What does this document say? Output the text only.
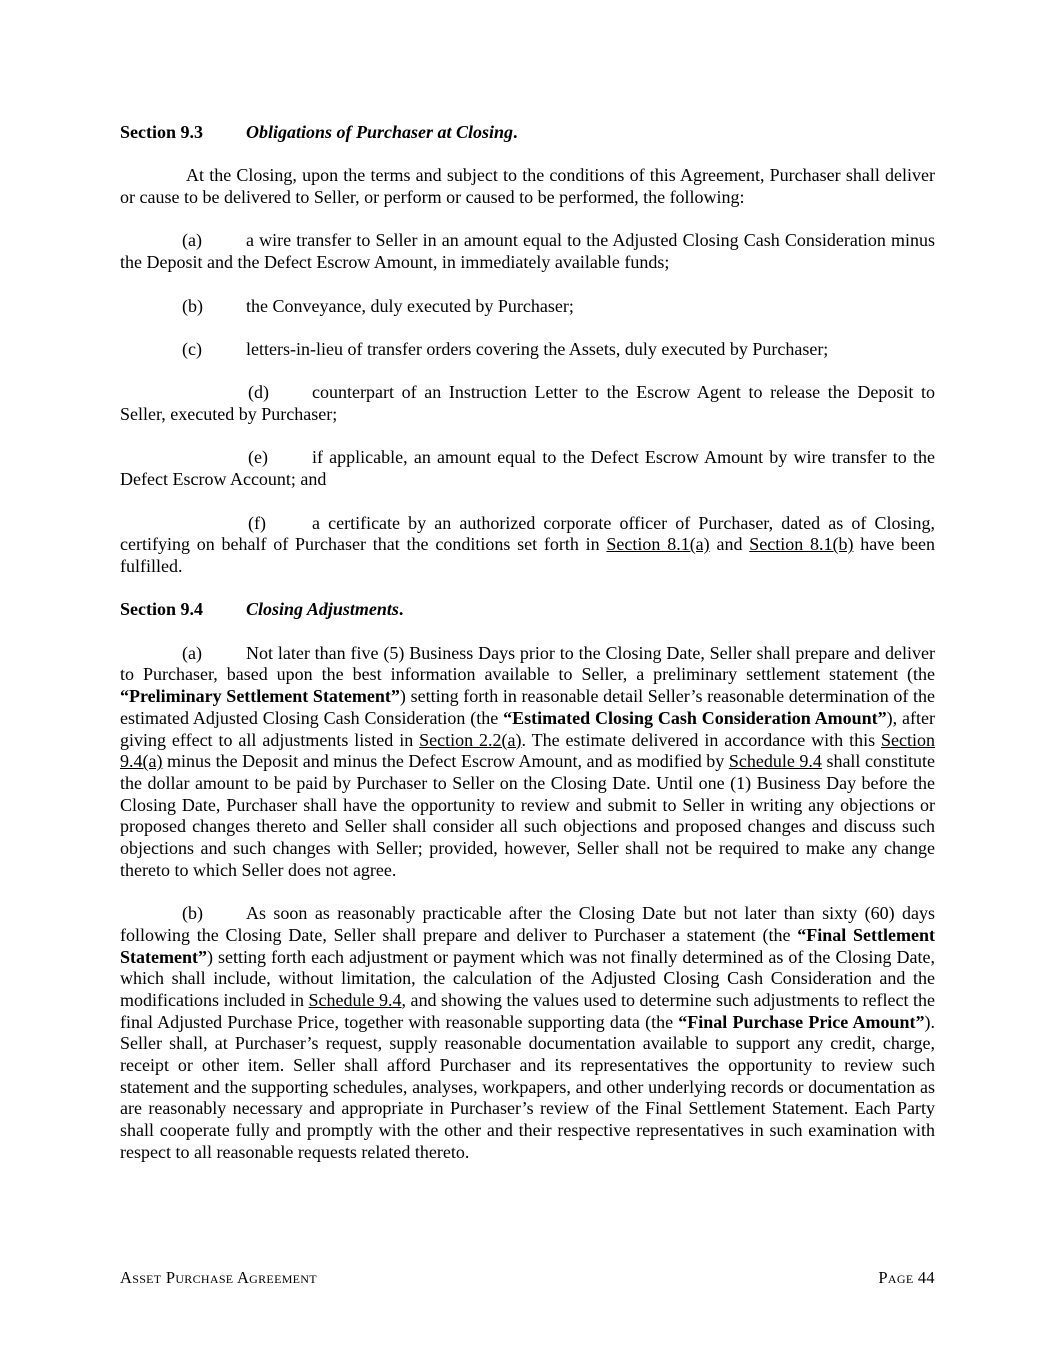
Section 9.3 Obligations of Purchaser at Closing.

At the Closing, upon the terms and subject to the conditions of this Agreement, Purchaser shall deliver or cause to be delivered to Seller, or perform or caused to be performed, the following:

(a) a wire transfer to Seller in an amount equal to the Adjusted Closing Cash Consideration minus the Deposit and the Defect Escrow Amount, in immediately available funds;

(b) the Conveyance, duly executed by Purchaser;

(c) letters-in-lieu of transfer orders covering the Assets, duly executed by Purchaser;

(d) counterpart of an Instruction Letter to the Escrow Agent to release the Deposit to Seller, executed by Purchaser;

(e) if applicable, an amount equal to the Defect Escrow Amount by wire transfer to the Defect Escrow Account; and

(f)	a certificate by an authorized corporate officer of Purchaser, dated as of Closing, certifying on behalf of Purchaser that the conditions set forth in Section 8.1(a) and Section 8.1(b) have been fulfilled.

Section 9.4 Closing Adjustments.

(a) Not later than five (5) Business Days prior to the Closing Date, Seller shall prepare and deliver to Purchaser, based upon the best information available to Seller, a preliminary settlement statement (the “Preliminary Settlement Statement”) setting forth in reasonable detail Seller’s reasonable determination of the estimated Adjusted Closing Cash Consideration (the “Estimated Closing Cash Consideration Amount”), after giving effect to all adjustments listed in Section 2.2(a). The estimate delivered in accordance with this Section 9.4(a) minus the Deposit and minus the Defect Escrow Amount, and as modified by Schedule 9.4 shall constitute the dollar amount to be paid by Purchaser to Seller on the Closing Date. Until one (1) Business Day before the Closing Date, Purchaser shall have the opportunity to review and submit to Seller in writing any objections or proposed changes thereto and Seller shall consider all such objections and proposed changes and discuss such objections and such changes with Seller; provided, however, Seller shall not be required to make any change thereto to which Seller does not agree.

(b) As soon as reasonably practicable after the Closing Date but not later than sixty (60) days following the Closing Date, Seller shall prepare and deliver to Purchaser a statement (the “Final Settlement Statement”) setting forth each adjustment or payment which was not finally determined as of the Closing Date, which shall include, without limitation, the calculation of the Adjusted Closing Cash Consideration and the modifications included in Schedule 9.4, and showing the values used to determine such adjustments to reflect the final Adjusted Purchase Price, together with reasonable supporting data (the “Final Purchase Price Amount”). Seller shall, at Purchaser’s request, supply reasonable documentation available to support any credit, charge, receipt or other item. Seller shall afford Purchaser and its representatives the opportunity to review such statement and the supporting schedules, analyses, workpapers, and other underlying records or documentation as are reasonably necessary and appropriate in Purchaser’s review of the Final Settlement Statement. Each Party shall cooperate fully and promptly with the other and their respective representatives in such examination with respect to all reasonable requests related thereto.

Asset Purchase Agreement	Page 44
